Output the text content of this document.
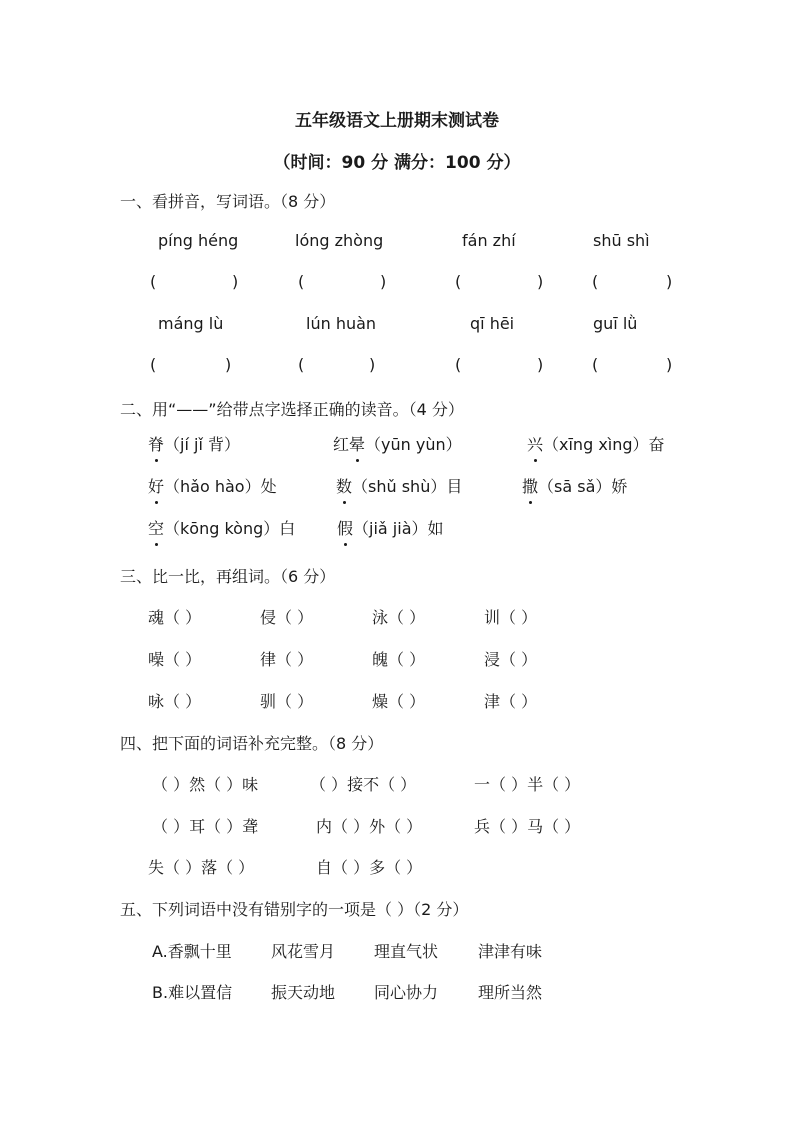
五年级语文上册期末测试卷
（时间：90 分 满分：100 分）
一、看拼音，写词语。（8 分）
píng héng	lóng zhòng	fán zhí	shū shì
(	)	(	)	(	)	(	)
máng lù	lún huàn	qī hēi	guī lǜ
(	)	(	)	(	)	(	)
二、用“——”给带点字选择正确的读音。（4 分）
脊（jí jǐ 背）	红晕（yūn yùn）	兴（xīng xìng）奋
好（hǎo hào）处	数（shǔ shù）目	撒（sā sǎ）娇
空（kōng kòng）白	假（jiǎ jià）如
三、比一比，再组词。（6 分）
魂（ ）	侵（ ）	泳（ ）	训（ ）
噪（ ）	律（ ）	魄（ ）	浸（ ）
咏（ ）	驯（ ）	燥（ ）	津（ ）
四、把下面的词语补充完整。（8 分）
（ ）然（ ）味	（ ）接不（ ）	一（ ）半（ ）
（ ）耳（ ）聋	内（ ）外（ ）	兵（ ）马（ ）
失（ ）落（ ）	自（ ）多（ ）
五、下列词语中没有错别字的一项是（ ）（2 分）
A.香飘十里 风花雪月 理直气状 津津有味
B.难以置信 振天动地 同心协力 理所当然
